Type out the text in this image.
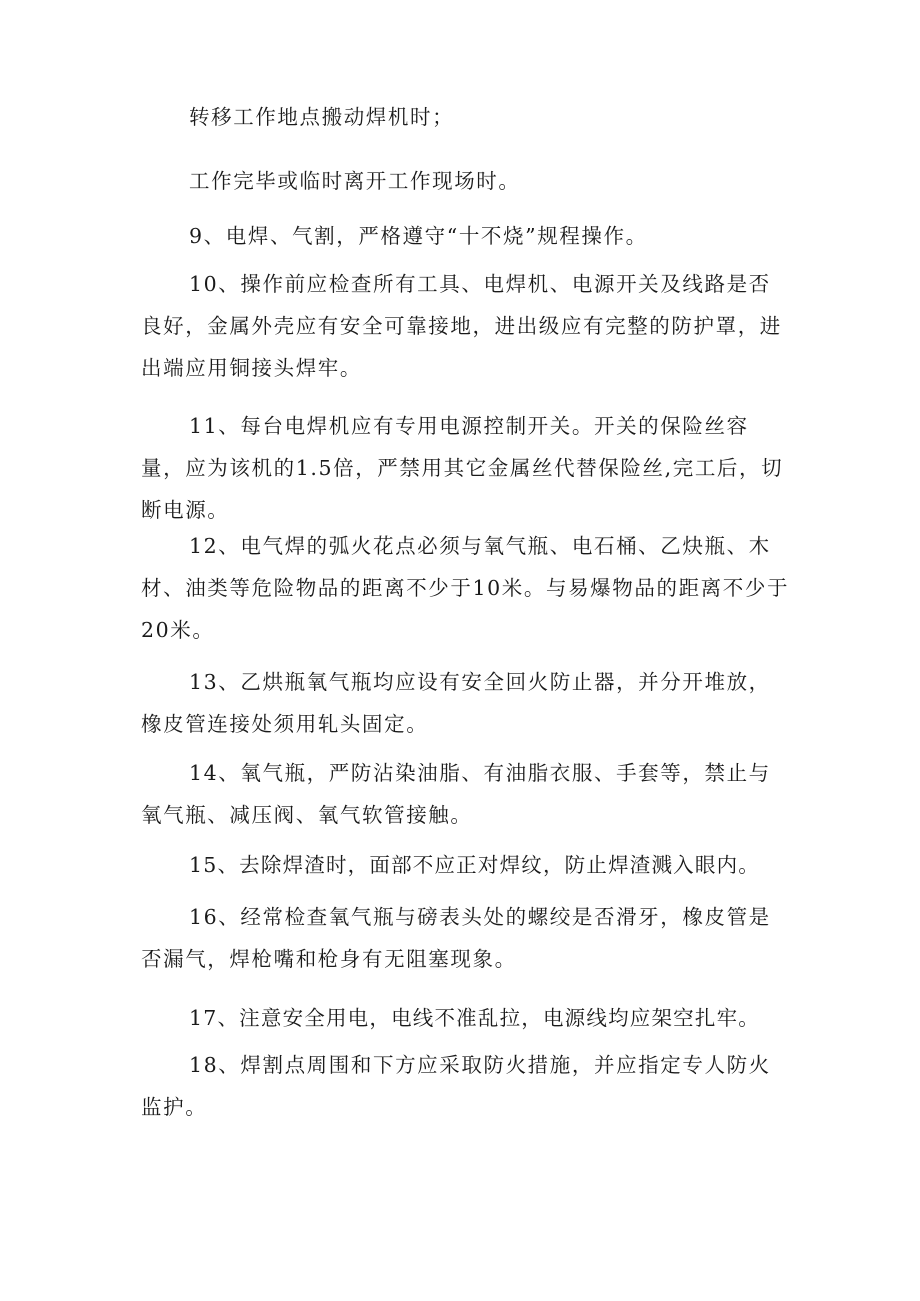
转移工作地点搬动焊机时；

工作完毕或临时离开工作现场时。

9、电焊、气割，严格遵守“十不烧”规程操作。

10、操作前应检查所有工具、电焊机、电源开关及线路是否良好，金属外壳应有安全可靠接地，进出级应有完整的防护罩，进出端应用铜接头焊牢。

11、每台电焊机应有专用电源控制开关。开关的保险丝容量，应为该机的1.5倍，严禁用其它金属丝代替保险丝,完工后，切断电源。

12、电气焊的弧火花点必须与氧气瓶、电石桶、乙炔瓶、木材、油类等危险物品的距离不少于10米。与易爆物品的距离不少于20米。

13、乙烘瓶氧气瓶均应设有安全回火防止器，并分开堆放，橡皮管连接处须用轧头固定。

14、氧气瓶，严防沾染油脂、有油脂衣服、手套等，禁止与氧气瓶、减压阀、氧气软管接触。

15、去除焊渣时，面部不应正对焊纹，防止焊渣溅入眼内。

16、经常检查氧气瓶与磅表头处的螺绞是否滑牙，橡皮管是否漏气，焊枪嘴和枪身有无阻塞现象。

17、注意安全用电，电线不准乱拉，电源线均应架空扎牢。

18、焊割点周围和下方应采取防火措施，并应指定专人防火监护。
